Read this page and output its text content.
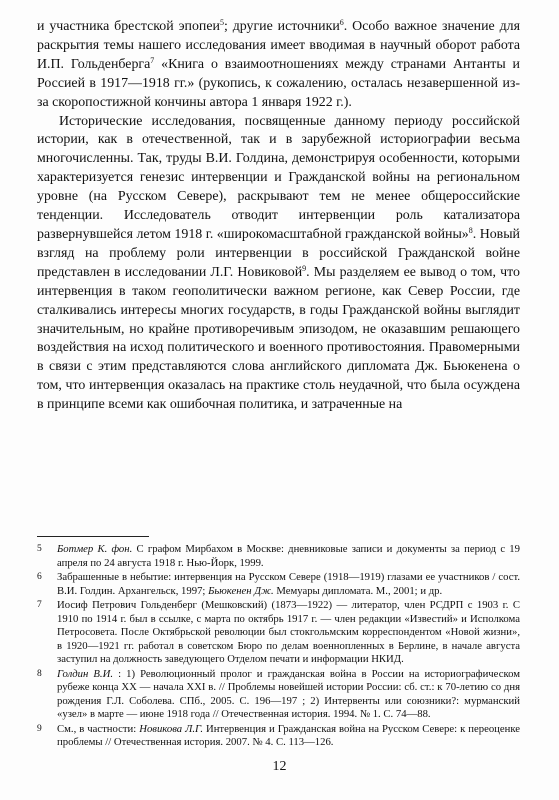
и участника брестской эпопеи$^5$; другие источники$^6$. Особо важное значение для раскрытия темы нашего исследования имеет вводимая в научный оборот работа И.П. Гольденберга$^7$ «Книга о взаимоотношениях между странами Антанты и Россией в 1917—1918 гг.» (рукопись, к сожалению, осталась незавершенной из-за скоропостижной кончины автора 1 января 1922 г.).

Исторические исследования, посвященные данному периоду российской истории, как в отечественной, так и в зарубежной историографии весьма многочисленны. Так, труды В.И. Голдина, демонстрируя особенности, которыми характеризуется генезис интервенции и Гражданской войны на региональном уровне (на Русском Севере), раскрывают тем не менее общероссийские тенденции. Исследователь отводит интервенции роль катализатора развернувшейся летом 1918 г. «широкомасштабной гражданской войны»$^8$. Новый взгляд на проблему роли интервенции в российской Гражданской войне представлен в исследовании Л.Г. Новиковой$^9$. Мы разделяем ее вывод о том, что интервенция в таком геополитически важном регионе, как Север России, где сталкивались интересы многих государств, в годы Гражданской войны выглядит значительным, но крайне противоречивым эпизодом, не оказавшим решающего воздействия на исход политического и военного противостояния. Правомерными в связи с этим представляются слова английского дипломата Дж. Бьюкенена о том, что интервенция оказалась на практике столь неудачной, что была осуждена в принципе всеми как ошибочная политика, и затраченные на

5 Ботмер К. фон. С графом Мирбахом в Москве: дневниковые записи и документы за период с 19 апреля по 24 августа 1918 г. Нью-Йорк, 1999.
6 Забрашенные в небытие: интервенция на Русском Севере (1918—1919) глазами ее участников / сост. В.И. Голдин. Архангельск, 1997; Бьюкенен Дж. Мемуары дипломата. М., 2001; и др.
7 Иосиф Петрович Гольденберг (Мешковский) (1873—1922) — литератор, член РСДРП с 1903 г. С 1910 по 1914 г. был в ссылке, с марта по октябрь 1917 г. — член редакции «Известий» и Исполкома Петросовета. После Октябрьской революции был стокгольмским корреспондентом «Новой жизни», в 1920—1921 гг. работал в советском Бюро по делам военнопленных в Берлине, в начале августа заступил на должность заведующего Отделом печати и информации НКИД.
8 Голдин В.И. : 1) Революционный пролог и гражданская война в России на историографическом рубеже конца XX — начала XXI в. // Проблемы новейшей истории России: сб. ст.: к 70-летию со дня рождения Г.Л. Соболева. СПб., 2005. С. 196—197 ; 2) Интервенты или союзники?: мурманский «узел» в марте — июне 1918 года // Отечественная история. 1994. № 1. С. 74—88.
9 См., в частности: Новикова Л.Г. Интервенция и Гражданская война на Русском Севере: к переоценке проблемы // Отечественная история. 2007. № 4. С. 113—126.
12
